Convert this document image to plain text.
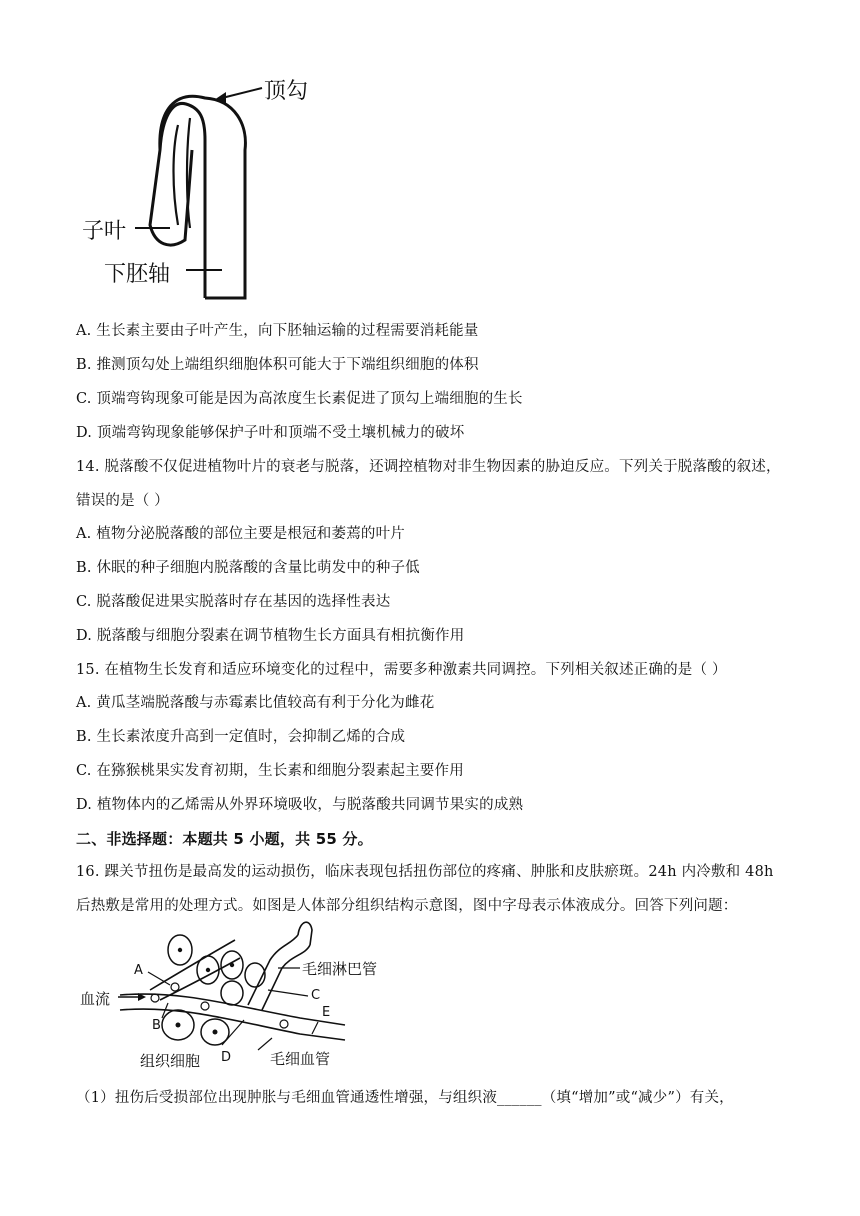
顶勾
子叶
下胚轴
A. 生长素主要由子叶产生，向下胚轴运输的过程需要消耗能量
B. 推测顶勾处上端组织细胞体积可能大于下端组织细胞的体积
C. 顶端弯钩现象可能是因为高浓度生长素促进了顶勾上端细胞的生长
D. 顶端弯钩现象能够保护子叶和顶端不受土壤机械力的破坏
14. 脱落酸不仅促进植物叶片的衰老与脱落，还调控植物对非生物因素的胁迫反应。下列关于脱落酸的叙述，
错误的是（ ）
A. 植物分泌脱落酸的部位主要是根冠和萎蔫的叶片
B. 休眠的种子细胞内脱落酸的含量比萌发中的种子低
C. 脱落酸促进果实脱落时存在基因的选择性表达
D. 脱落酸与细胞分裂素在调节植物生长方面具有相抗衡作用
15. 在植物生长发育和适应环境变化的过程中，需要多种激素共同调控。下列相关叙述正确的是（ ）
A. 黄瓜茎端脱落酸与赤霉素比值较高有利于分化为雌花
B. 生长素浓度升高到一定值时，会抑制乙烯的合成
C. 在猕猴桃果实发育初期，生长素和细胞分裂素起主要作用
D. 植物体内的乙烯需从外界环境吸收，与脱落酸共同调节果实的成熟
二、非选择题：本题共 5 小题，共 55 分。
16. 踝关节扭伤是最高发的运动损伤，临床表现包括扭伤部位的疼痛、肿胀和皮肤瘀斑。24h 内冷敷和 48h
后热敷是常用的处理方式。如图是人体部分组织结构示意图，图中字母表示体液成分。回答下列问题：
A
B
C
D
E
血流
毛细淋巴管
组织细胞	毛细血管
（1）扭伤后受损部位出现肿胀与毛细血管通透性增强，与组织液______（填“增加”或“减少”）有关，
